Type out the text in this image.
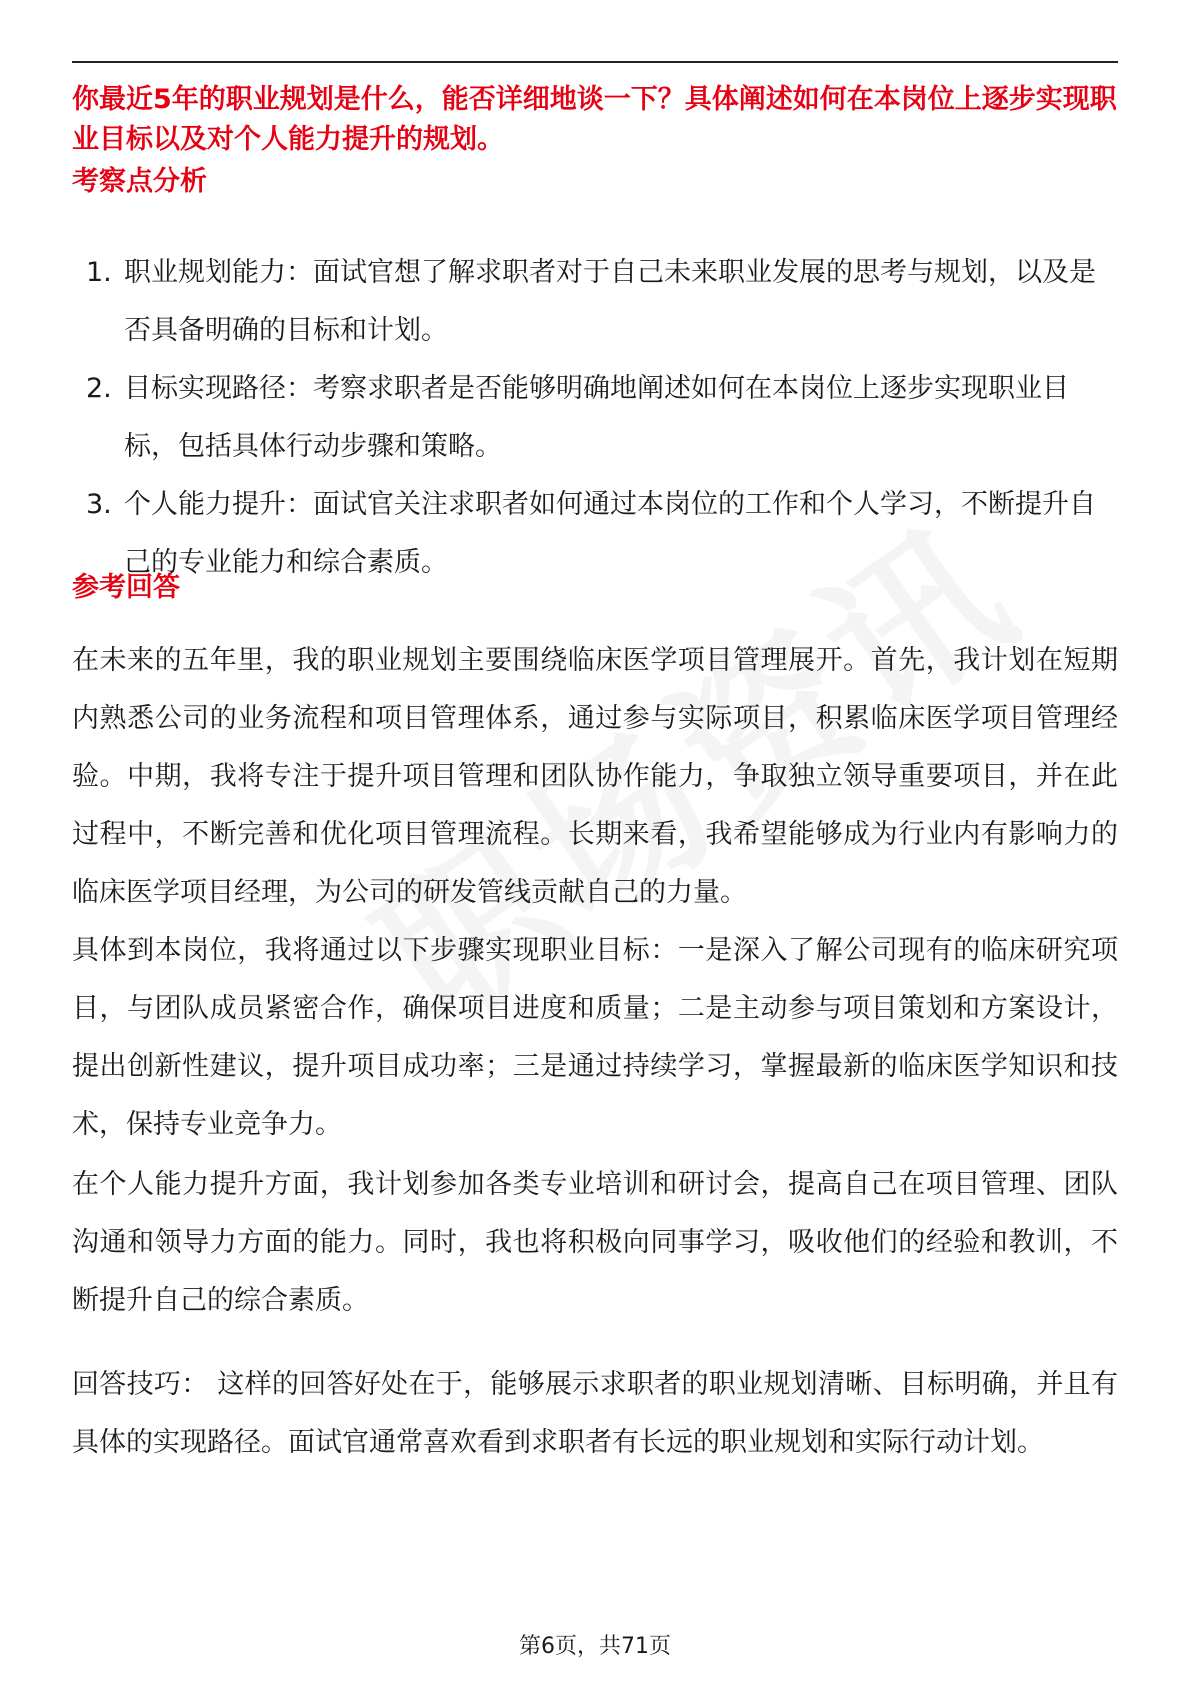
你最近5年的职业规划是什么，能否详细地谈一下？具体阐述如何在本岗位上逐步实现职业目标以及对个人能力提升的规划。

考察点分析

1. 职业规划能力：面试官想了解求职者对于自己未来职业发展的思考与规划，以及是否具备明确的目标和计划。
2. 目标实现路径：考察求职者是否能够明确地阐述如何在本岗位上逐步实现职业目标，包括具体行动步骤和策略。
3. 个人能力提升：面试官关注求职者如何通过本岗位的工作和个人学习，不断提升自己的专业能力和综合素质。

参考回答

在未来的五年里，我的职业规划主要围绕临床医学项目管理展开。首先，我计划在短期内熟悉公司的业务流程和项目管理体系，通过参与实际项目，积累临床医学项目管理经验。中期，我将专注于提升项目管理和团队协作能力，争取独立领导重要项目，并在此过程中，不断完善和优化项目管理流程。长期来看，我希望能够成为行业内有影响力的临床医学项目经理，为公司的研发管线贡献自己的力量。

具体到本岗位，我将通过以下步骤实现职业目标：一是深入了解公司现有的临床研究项目，与团队成员紧密合作，确保项目进度和质量；二是主动参与项目策划和方案设计，提出创新性建议，提升项目成功率；三是通过持续学习，掌握最新的临床医学知识和技术，保持专业竞争力。

在个人能力提升方面，我计划参加各类专业培训和研讨会，提高自己在项目管理、团队沟通和领导力方面的能力。同时，我也将积极向同事学习，吸收他们的经验和教训，不断提升自己的综合素质。

回答技巧： 这样的回答好处在于，能够展示求职者的职业规划清晰、目标明确，并且有具体的实现路径。面试官通常喜欢看到求职者有长远的职业规划和实际行动计划。

第6页，共71页
